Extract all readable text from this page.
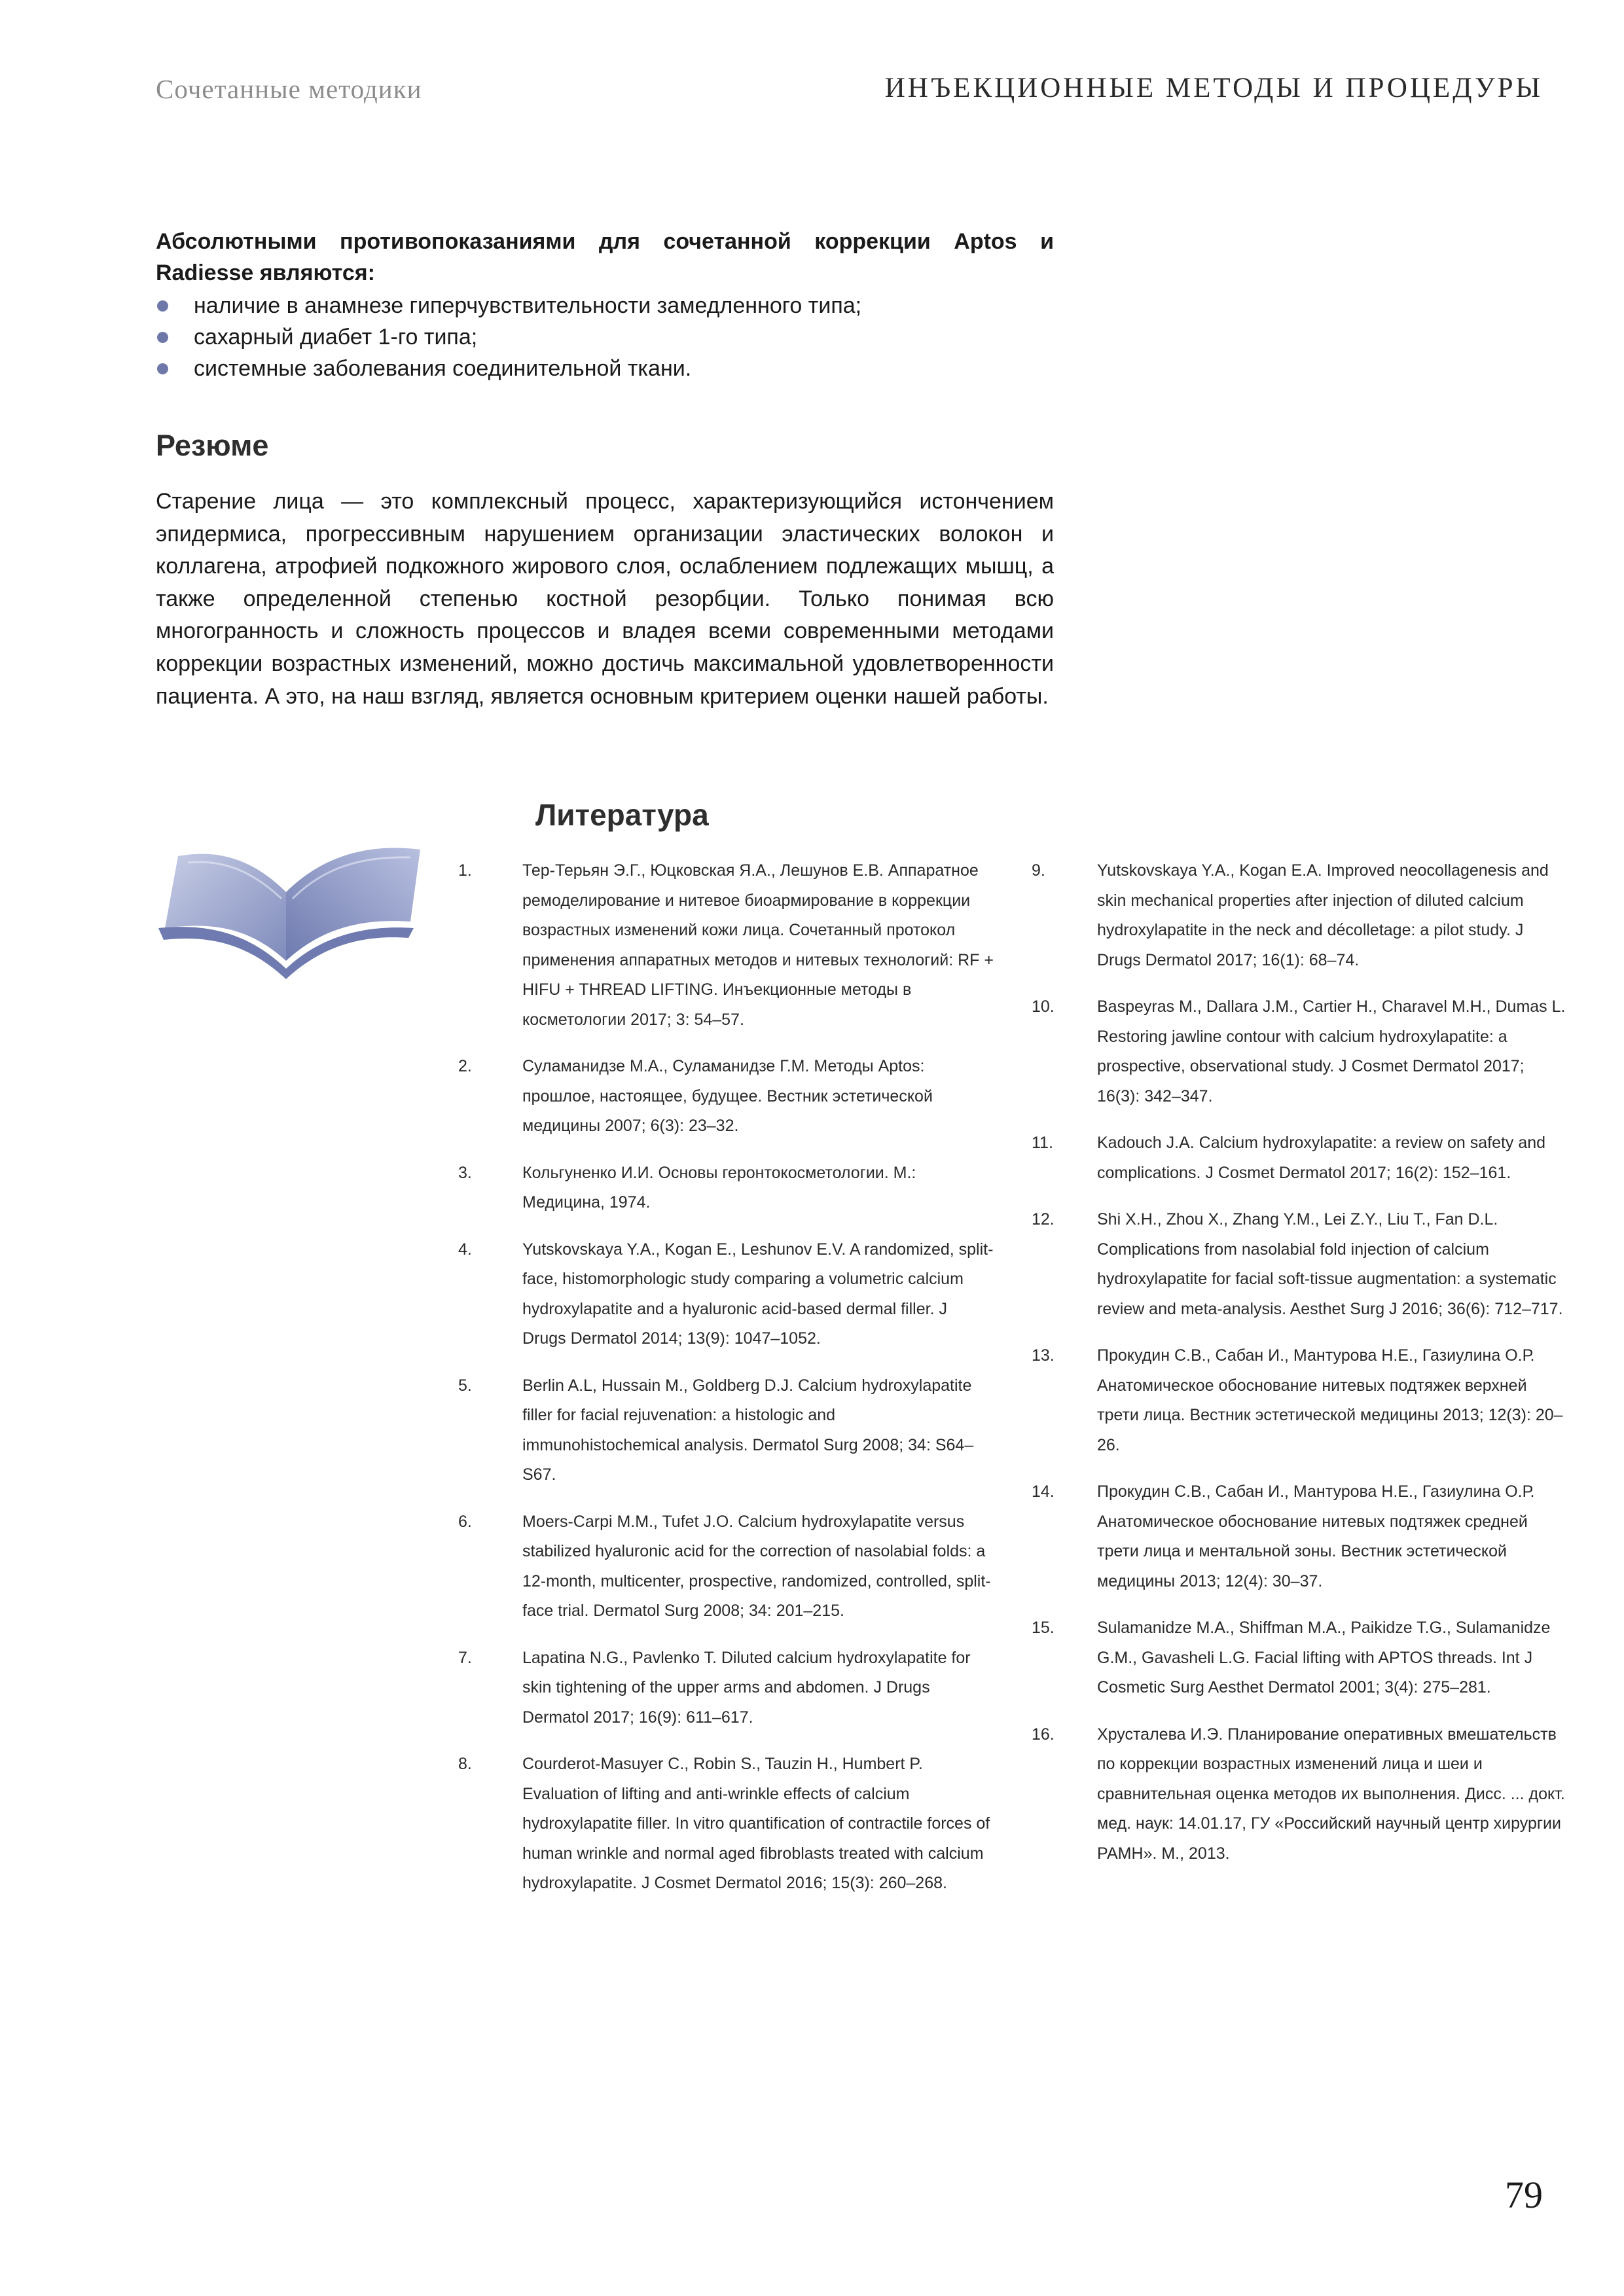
Сочетанные методики	ИНЪЕКЦИОННЫЕ МЕТОДЫ И ПРОЦЕДУРЫ

Абсолютными противопоказаниями для сочетанной коррекции Aptos и Radiesse являются:

наличие в анамнезе гиперчувствительности замедленного типа;
сахарный диабет 1-го типа;
системные заболевания соединительной ткани.
Резюме

Старение лица — это комплексный процесс, характеризующийся истончением эпидермиса, прогрессивным нарушением организации эластических волокон и коллагена, атрофией подкожного жирового слоя, ослаблением подлежащих мышц, а также определенной степенью костной резорбции. Только понимая всю многогранность и сложность процессов и владея всеми современными методами коррекции возрастных изменений, можно достичь максимальной удовлетворенности пациента. А это, на наш взгляд, является основным критерием оценки нашей работы.

Литература
1.	Тер-Терьян Э.Г., Юцковская Я.А., Лешунов Е.В. Аппаратное ремоделирование и нитевое биоармирование в коррекции возрастных изменений кожи лица. Сочетанный протокол применения аппаратных методов и нитевых технологий: RF + HIFU + THREAD LIFTING. Инъекционные методы в косметологии 2017; 3: 54–57.
2.	Суламанидзе М.А., Суламанидзе Г.М. Методы Aptos: прошлое, настоящее, будущее. Вестник эстетической медицины 2007; 6(3): 23–32.
3.	Кольгуненко И.И. Основы геронтокосметологии. М.: Медицина, 1974.
4.	Yutskovskaya Y.A., Kogan E., Leshunov E.V. A randomized, split-face, histomorphologic study comparing a volumetric calcium hydroxylapatite and a hyaluronic acid-based dermal filler. J Drugs Dermatol 2014; 13(9): 1047–1052.
5.	Berlin A.L, Hussain M., Goldberg D.J. Calcium hydroxylapatite filler for facial rejuvenation: a histologic and immunohistochemical analysis. Dermatol Surg 2008; 34: S64–S67.
6.	Moers-Carpi M.M., Tufet J.O. Calcium hydroxylapatite versus stabilized hyaluronic acid for the correction of nasolabial folds: a 12-month, multicenter, prospective, randomized, controlled, split-face trial. Dermatol Surg 2008; 34: 201–215.
7.	Lapatina N.G., Pavlenko T. Diluted calcium hydroxylapatite for skin tightening of the upper arms and abdomen. J Drugs Dermatol 2017; 16(9): 611–617.
8.	Courderot-Masuyer C., Robin S., Tauzin H., Humbert P. Evaluation of lifting and anti-wrinkle effects of calcium hydroxylapatite filler. In vitro quantification of contractile forces of human wrinkle and normal aged fibroblasts treated with calcium hydroxylapatite. J Cosmet Dermatol 2016; 15(3): 260–268.
9.	Yutskovskaya Y.A., Kogan E.A. Improved neocollagenesis and skin mechanical properties after injection of diluted calcium hydroxylapatite in the neck and décolletage: a pilot study. J Drugs Dermatol 2017; 16(1): 68–74.
10.	Baspeyras M., Dallara J.M., Cartier H., Charavel M.H., Dumas L. Restoring jawline contour with calcium hydroxylapatite: a prospective, observational study. J Cosmet Dermatol 2017; 16(3): 342–347.
11.	Kadouch J.A. Calcium hydroxylapatite: a review on safety and complications. J Cosmet Dermatol 2017; 16(2): 152–161.
12.	Shi X.H., Zhou X., Zhang Y.M., Lei Z.Y., Liu T., Fan D.L. Complications from nasolabial fold injection of calcium hydroxylapatite for facial soft-tissue augmentation: a systematic review and meta-analysis. Aesthet Surg J 2016; 36(6): 712–717.
13.	Прокудин С.В., Сабан И., Мантурова Н.Е., Газиулина О.Р. Анатомическое обоснование нитевых подтяжек верхней трети лица. Вестник эстетической медицины 2013; 12(3): 20–26.
14.	Прокудин С.В., Сабан И., Мантурова Н.Е., Газиулина О.Р. Анатомическое обоснование нитевых подтяжек средней трети лица и ментальной зоны. Вестник эстетической медицины 2013; 12(4): 30–37.
15.	Sulamanidze M.A., Shiffman M.A., Paikidze T.G., Sulamanidze G.M., Gavasheli L.G. Facial lifting with APTOS threads. Int J Cosmetic Surg Aesthet Dermatol 2001; 3(4): 275–281.
16.	Хрусталева И.Э. Планирование оперативных вмешательств по коррекции возрастных изменений лица и шеи и сравнительная оценка методов их выполнения. Дисс. ... докт. мед. наук: 14.01.17, ГУ «Российский научный центр хирургии РАМН». М., 2013.
79
